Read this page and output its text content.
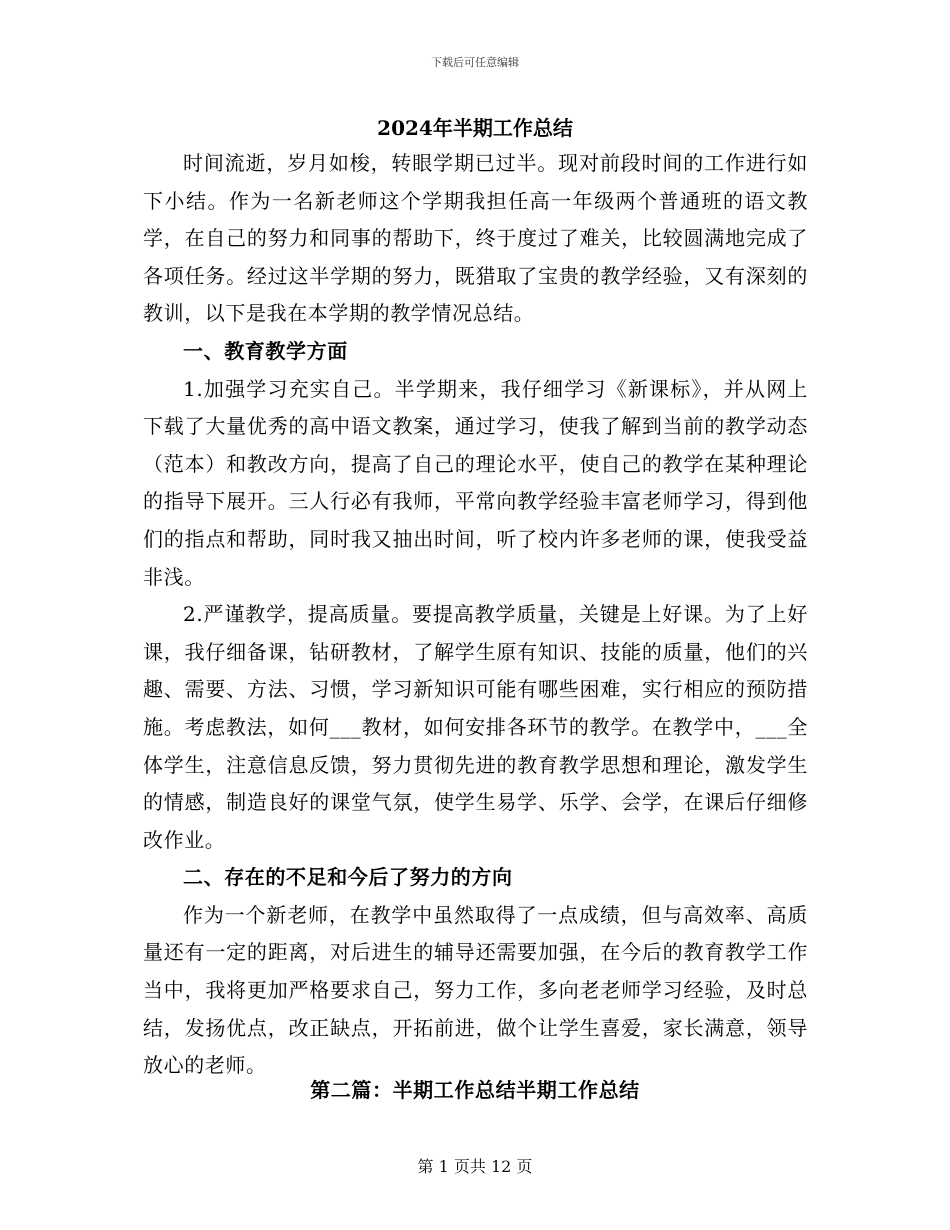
下载后可任意编辑
2024年半期工作总结

时间流逝，岁月如梭，转眼学期已过半。现对前段时间的工作进行如下小结。作为一名新老师这个学期我担任高一年级两个普通班的语文教学，在自己的努力和同事的帮助下，终于度过了难关，比较圆满地完成了各项任务。经过这半学期的努力，既猎取了宝贵的教学经验，又有深刻的教训，以下是我在本学期的教学情况总结。

一、教育教学方面

1.加强学习充实自己。半学期来，我仔细学习《新课标》，并从网上下载了大量优秀的高中语文教案，通过学习，使我了解到当前的教学动态（范本）和教改方向，提高了自己的理论水平，使自己的教学在某种理论的指导下展开。三人行必有我师，平常向教学经验丰富老师学习，得到他们的指点和帮助，同时我又抽出时间，听了校内许多老师的课，使我受益非浅。

2.严谨教学，提高质量。要提高教学质量，关键是上好课。为了上好课，我仔细备课，钻研教材，了解学生原有知识、技能的质量，他们的兴趣、需要、方法、习惯，学习新知识可能有哪些困难，实行相应的预防措施。考虑教法，如何___教材，如何安排各环节的教学。在教学中，___全体学生，注意信息反馈，努力贯彻先进的教育教学思想和理论，激发学生的情感，制造良好的课堂气氛，使学生易学、乐学、会学，在课后仔细修改作业。

二、存在的不足和今后了努力的方向

作为一个新老师，在教学中虽然取得了一点成绩，但与高效率、高质量还有一定的距离，对后进生的辅导还需要加强，在今后的教育教学工作当中，我将更加严格要求自己，努力工作，多向老老师学习经验，及时总结，发扬优点，改正缺点，开拓前进，做个让学生喜爱，家长满意，领导放心的老师。

第二篇：半期工作总结半期工作总结
第 1 页共 12 页
